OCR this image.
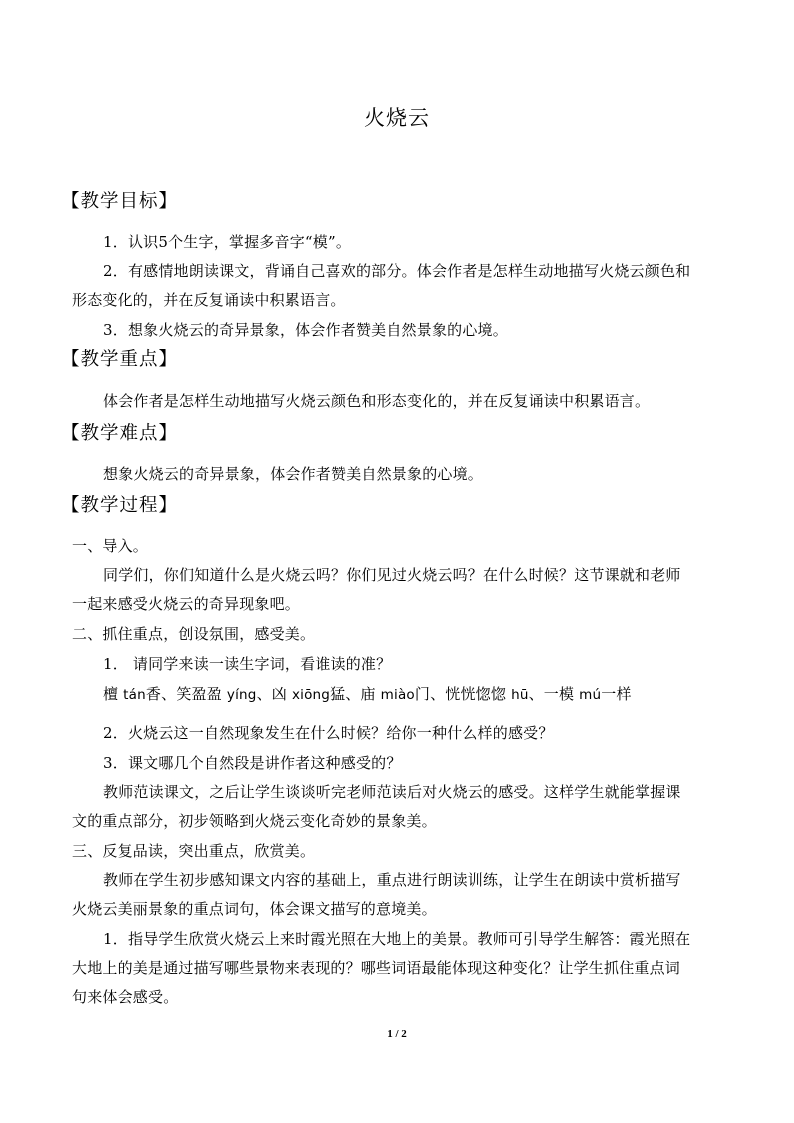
火烧云
【教学目标】
1．认识5个生字，掌握多音字“模”。
2．有感情地朗读课文，背诵自己喜欢的部分。体会作者是怎样生动地描写火烧云颜色和
形态变化的，并在反复诵读中积累语言。
3．想象火烧云的奇异景象，体会作者赞美自然景象的心境。
【教学重点】
体会作者是怎样生动地描写火烧云颜色和形态变化的，并在反复诵读中积累语言。
【教学难点】
想象火烧云的奇异景象，体会作者赞美自然景象的心境。
【教学过程】
一、导入。
同学们，你们知道什么是火烧云吗？你们见过火烧云吗？在什么时候？这节课就和老师
一起来感受火烧云的奇异现象吧。
二、抓住重点，创设氛围，感受美。
1． 请同学来读一读生字词，看谁读的准？
檀 tán香、笑盈盈 yíng、凶 xiōng猛、庙 miào门、恍恍惚惚 hū、一模 mú一样
2．火烧云这一自然现象发生在什么时候？给你一种什么样的感受？
3．课文哪几个自然段是讲作者这种感受的？
教师范读课文，之后让学生谈谈听完老师范读后对火烧云的感受。这样学生就能掌握课
文的重点部分，初步领略到火烧云变化奇妙的景象美。
三、反复品读，突出重点，欣赏美。
教师在学生初步感知课文内容的基础上，重点进行朗读训练，让学生在朗读中赏析描写
火烧云美丽景象的重点词句，体会课文描写的意境美。
1．指导学生欣赏火烧云上来时霞光照在大地上的美景。教师可引导学生解答：霞光照在
大地上的美是通过描写哪些景物来表现的？哪些词语最能体现这种变化？让学生抓住重点词
句来体会感受。
1 / 2
